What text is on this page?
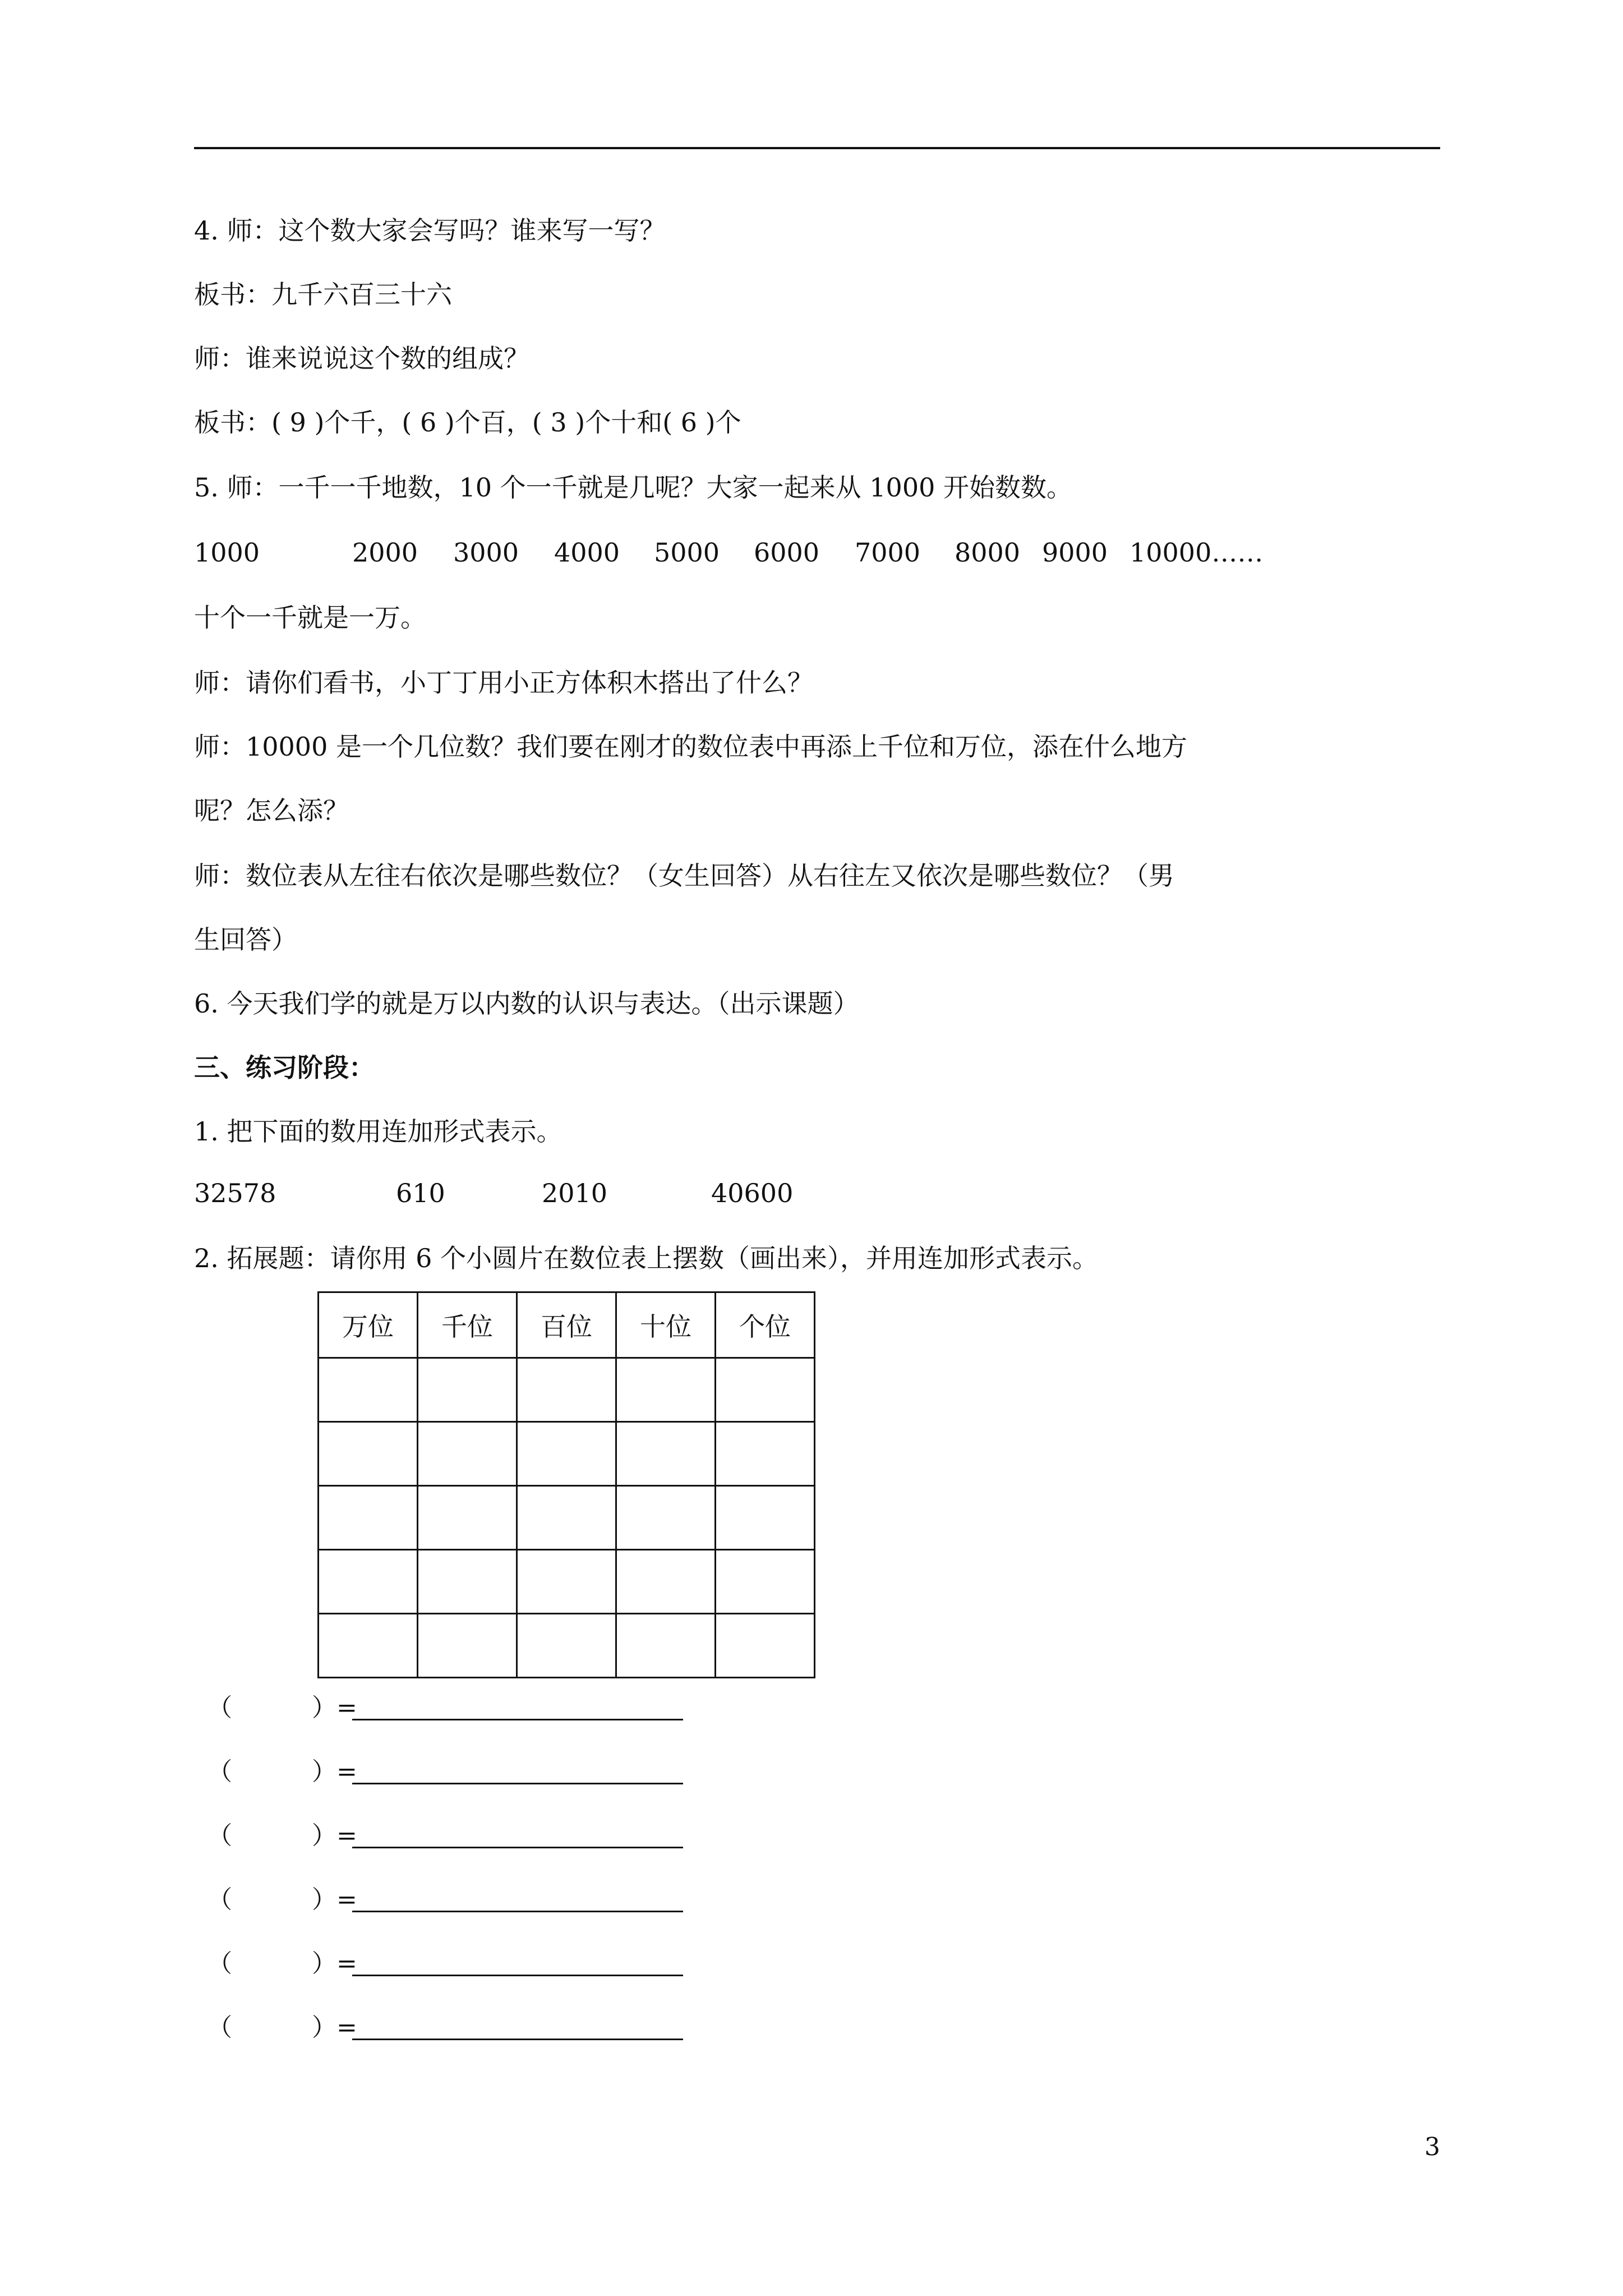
4. 师：这个数大家会写吗？谁来写一写？
板书：九千六百三十六
师：谁来说说这个数的组成？
板书：( 9 )个千，( 6 )个百，( 3 )个十和( 6 )个
5. 师：一千一千地数，10 个一千就是几呢？大家一起来从 1000 开始数数。
1000	2000 3000 4000 5000 6000 7000 8000 9000 10000……
十个一千就是一万。
师：请你们看书，小丁丁用小正方体积木搭出了什么？
师：10000 是一个几位数？我们要在刚才的数位表中再添上千位和万位，添在什么地方
呢？怎么添？
师：数位表从左往右依次是哪些数位？（女生回答）从右往左又依次是哪些数位？（男
生回答）
6. 今天我们学的就是万以内数的认识与表达。（出示课题）
三、练习阶段：
1. 把下面的数用连加形式表示。
32578	610	2010	40600
2. 拓展题：请你用 6 个小圆片在数位表上摆数（画出来），并用连加形式表示。
万位	千位	百位	十位	个位

（	）=
（	）=
（	）=
（	）=
（	）=
（	）=
3
